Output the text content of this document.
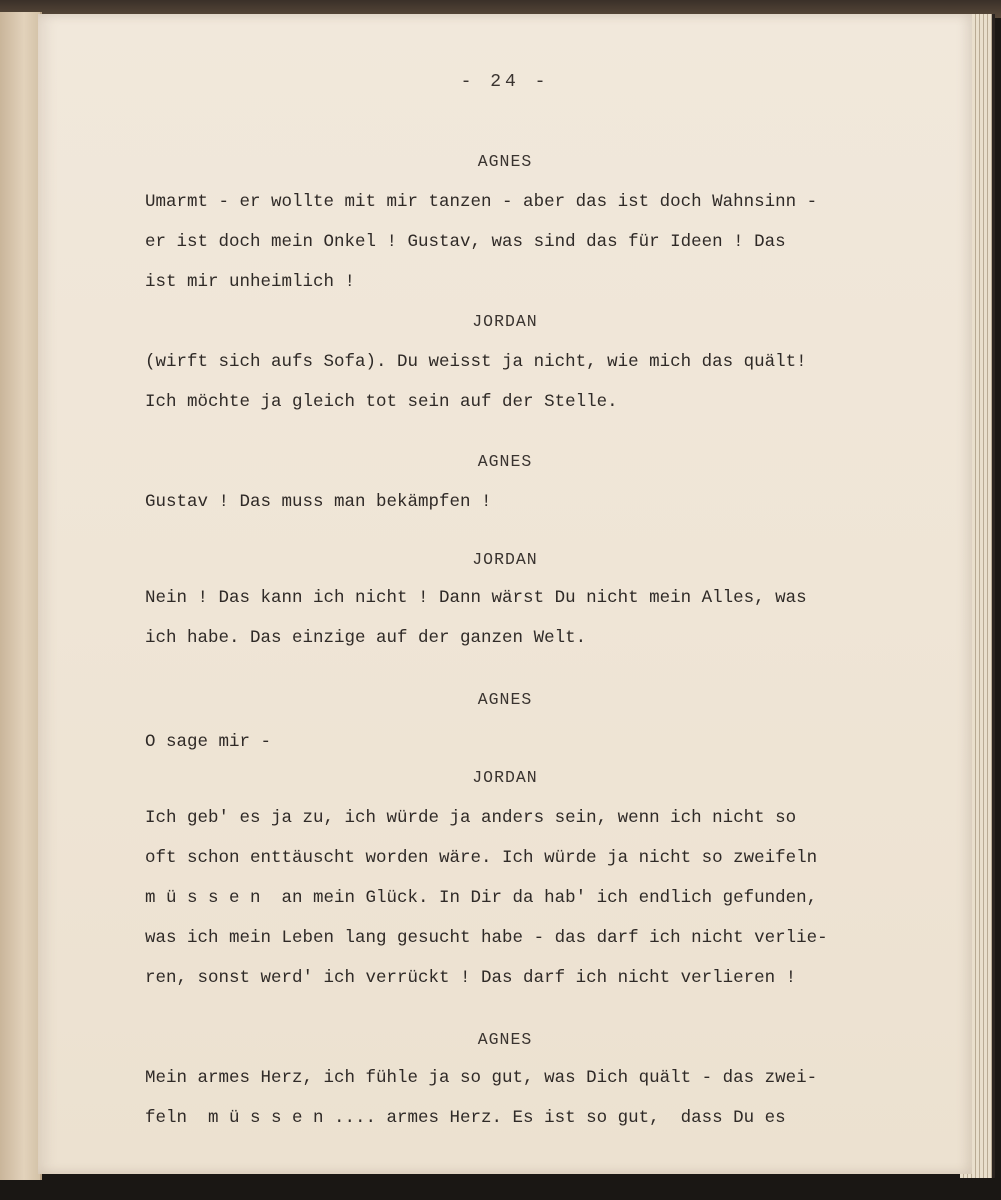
- 24 -
AGNES
Umarmt - er wollte mit mir tanzen - aber das ist doch Wahnsinn -
er ist doch mein Onkel ! Gustav, was sind das für Ideen ! Das
ist mir unheimlich !
JORDAN
(wirft sich aufs Sofa). Du weisst ja nicht, wie mich das quält!
Ich möchte ja gleich tot sein auf der Stelle.
AGNES
Gustav ! Das muss man bekämpfen !
JORDAN
Nein ! Das kann ich nicht ! Dann wärst Du nicht mein Alles, was
ich habe. Das einzige auf der ganzen Welt.
AGNES
O sage mir -
JORDAN
Ich geb' es ja zu, ich würde ja anders sein, wenn ich nicht so
oft schon enttäuscht worden wäre. Ich würde ja nicht so zweifeln
m ü s s e n  an mein Glück. In Dir da hab' ich endlich gefunden,
was ich mein Leben lang gesucht habe - das darf ich nicht verlie-
ren, sonst werd' ich verrückt ! Das darf ich nicht verlieren !
AGNES
Mein armes Herz, ich fühle ja so gut, was Dich quält - das zwei-
feln  m ü s s e n .... armes Herz. Es ist so gut,  dass Du es
